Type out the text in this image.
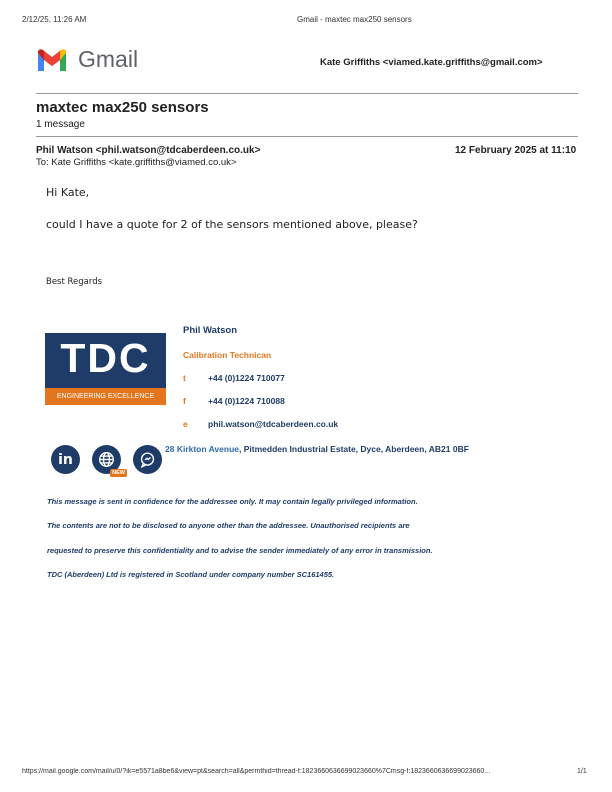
2/12/25, 11:26 AM	Gmail - maxtec max250 sensors
Gmail	Kate Griffiths <viamed.kate.griffiths@gmail.com>
maxtec max250 sensors
1 message
Phil Watson <phil.watson@tdcaberdeen.co.uk>	12 February 2025 at 11:10
To: Kate Griffiths <kate.griffiths@viamed.co.uk>
Hi Kate,
could I have a quote for 2 of the sensors mentioned above, please?
Best Regards
TDC
ENGINEERING EXCELLENCE
Phil Watson
Calibration Technican
t	+44 (0)1224 710077
f	+44 (0)1224 710088
e phil.watson@tdcaberdeen.co.uk
in
NEW
28 Kirkton Avenue, Pitmedden Industrial Estate, Dyce, Aberdeen, AB21 0BF
This message is sent in confidence for the addressee only. It may contain legally privileged information.
The contents are not to be disclosed to anyone other than the addressee. Unauthorised recipients are
requested to preserve this confidentiality and to advise the sender immediately of any error in transmission.
TDC (Aberdeen) Ltd is registered in Scotland under company number SC161455.
https://mail.google.com/mail/u/0/?ik=e5571a8be6&view=pt&search=all&permthid=thread-f:1823660636699023660%7Cmsg-f:1823660636699023660...	1/1
